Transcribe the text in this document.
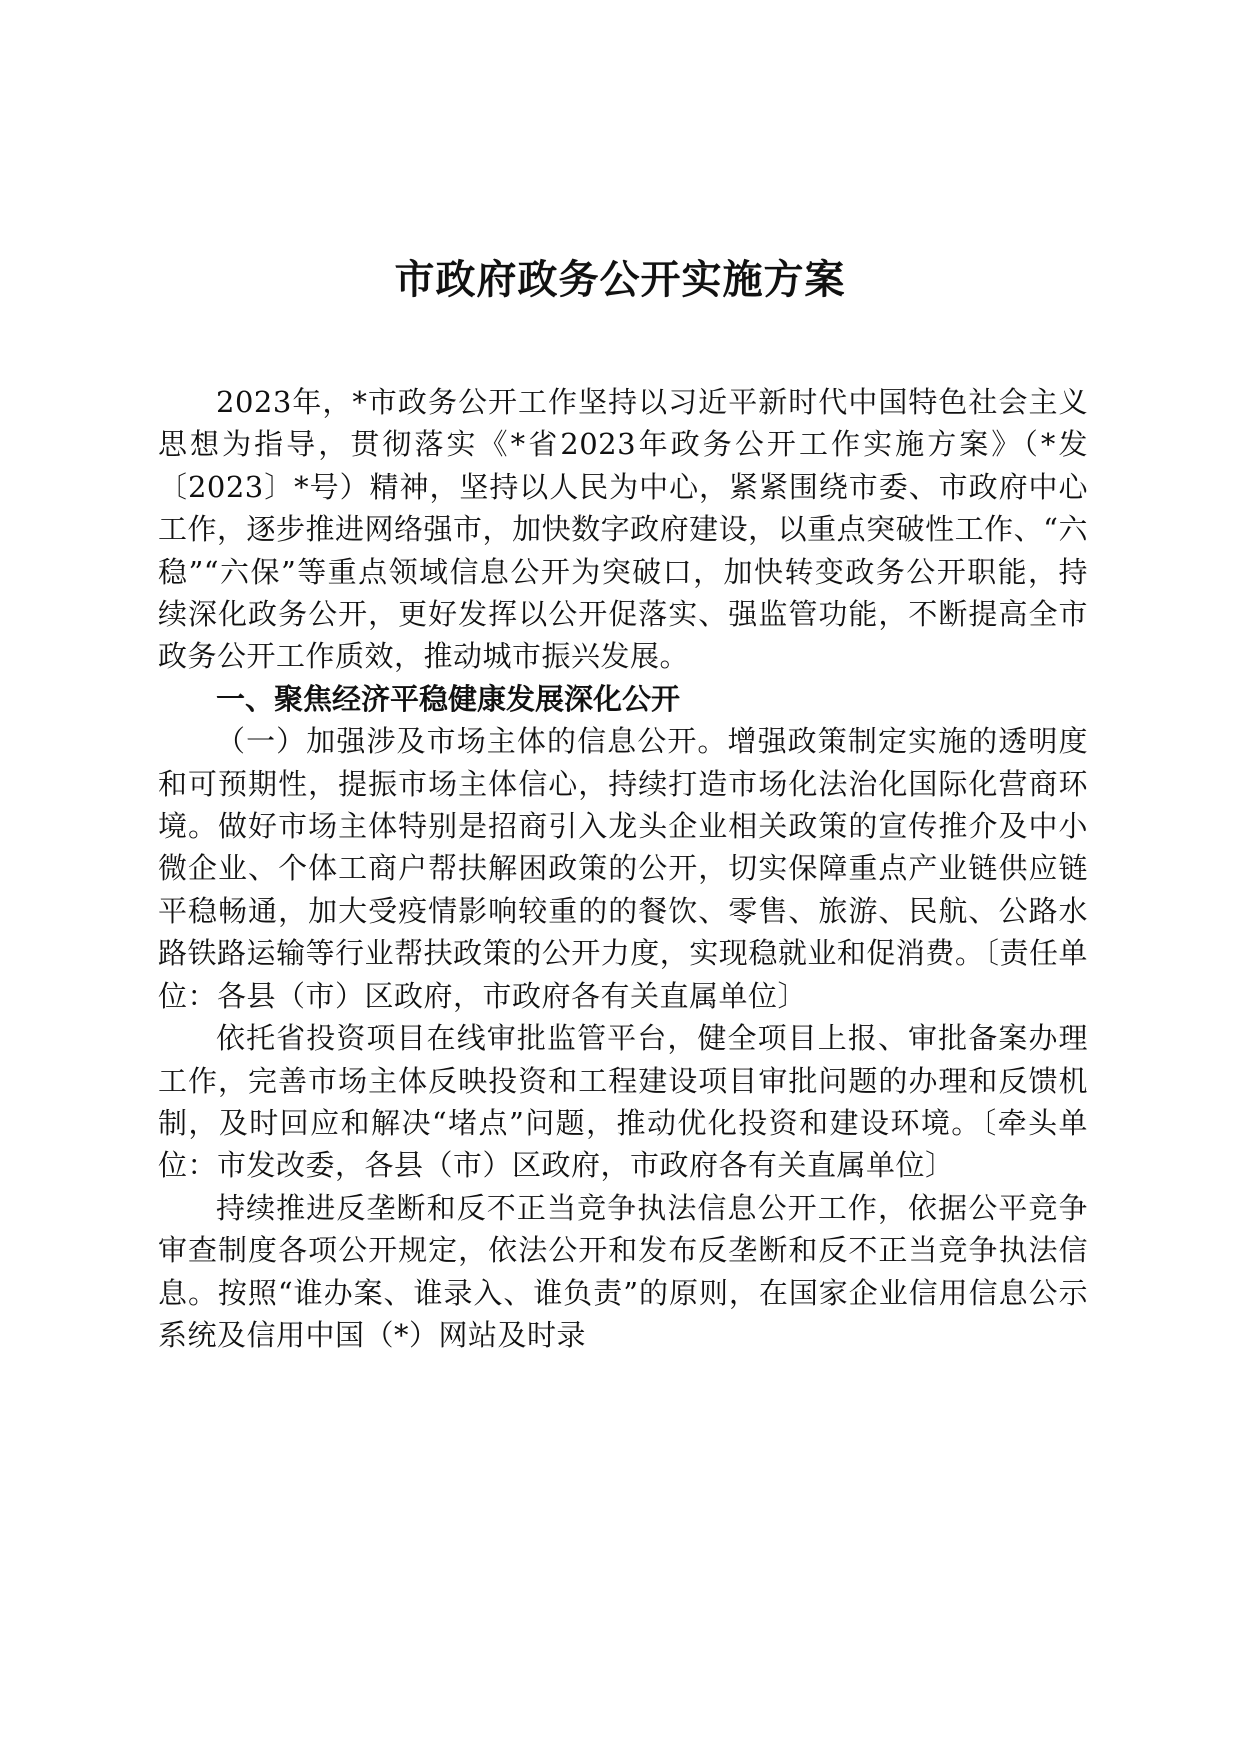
市政府政务公开实施方案

2023年，*市政务公开工作坚持以习近平新时代中国特色社会主义思想为指导，贯彻落实《*省2023年政务公开工作实施方案》（*发〔2023〕*号）精神，坚持以人民为中心，紧紧围绕市委、市政府中心工作，逐步推进网络强市，加快数字政府建设，以重点突破性工作、“六稳”“六保”等重点领域信息公开为突破口，加快转变政务公开职能，持续深化政务公开，更好发挥以公开促落实、强监管功能，不断提高全市政务公开工作质效，推动城市振兴发展。

一、聚焦经济平稳健康发展深化公开

（一）加强涉及市场主体的信息公开。增强政策制定实施的透明度和可预期性，提振市场主体信心，持续打造市场化法治化国际化营商环境。做好市场主体特别是招商引入龙头企业相关政策的宣传推介及中小微企业、个体工商户帮扶解困政策的公开，切实保障重点产业链供应链平稳畅通，加大受疫情影响较重的的餐饮、零售、旅游、民航、公路水路铁路运输等行业帮扶政策的公开力度，实现稳就业和促消费。〔责任单位：各县（市）区政府，市政府各有关直属单位〕

依托省投资项目在线审批监管平台，健全项目上报、审批备案办理工作，完善市场主体反映投资和工程建设项目审批问题的办理和反馈机制，及时回应和解决“堵点”问题，推动优化投资和建设环境。〔牵头单位：市发改委，各县（市）区政府，市政府各有关直属单位〕

持续推进反垄断和反不正当竞争执法信息公开工作，依据公平竞争审查制度各项公开规定，依法公开和发布反垄断和反不正当竞争执法信息。按照“谁办案、谁录入、谁负责”的原则，在国家企业信用信息公示系统及信用中国（*）网站及时录
